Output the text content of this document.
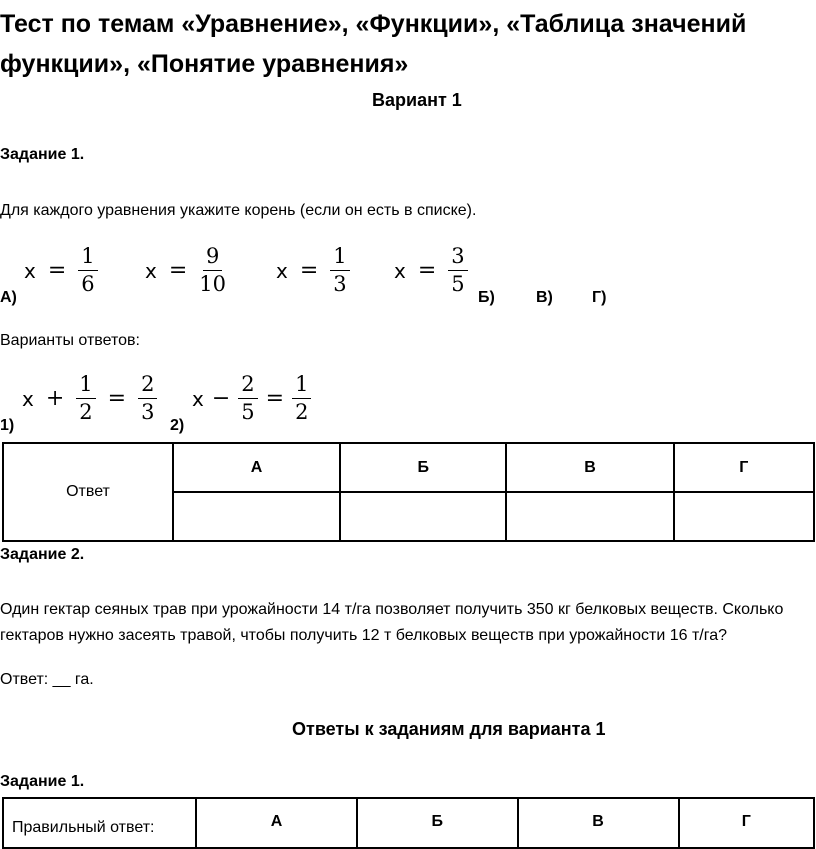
Тест по темам «Уравнение», «Функции», «Таблица значений
функции», «Понятие уравнения»
Вариант 1
Задание 1.
Для каждого уравнения укажите корень (если он есть в списке).
$x = \frac{1}{6}$ $x = \frac{9}{10}$ $x = \frac{1}{3}$ $x = \frac{3}{5}$
А)	Б)	В) Г)
Варианты ответов:
$x + \frac{1}{2} = \frac{2}{3}$ $x - \frac{2}{5} = \frac{1}{2}$
1)	2)
Ответ	А	Б	В	Г

Задание 2.
Один гектар сеяных трав при урожайности 14 т/га позволяет получить 350 кг белковых веществ. Сколько
гектаров нужно засеять травой, чтобы получить 12 т белковых веществ при урожайности 16 т/га?
Ответ: __ га.
Ответы к заданиям для варианта 1
Задание 1.
Правильный ответ:	А	Б	В	Г
